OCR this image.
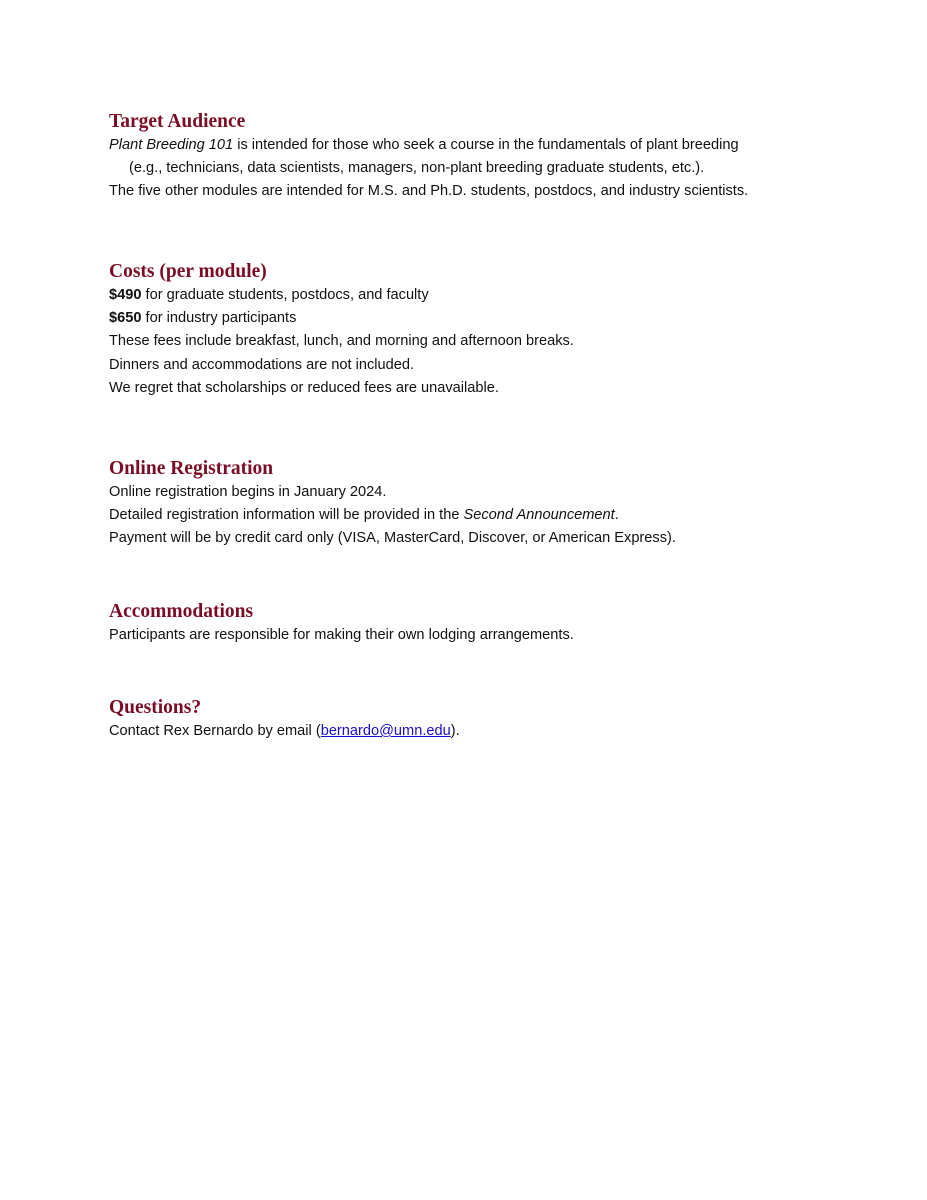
Target Audience

Plant Breeding 101 is intended for those who seek a course in the fundamentals of plant breeding

(e.g., technicians, data scientists, managers, non-plant breeding graduate students, etc.).

The five other modules are intended for M.S. and Ph.D. students, postdocs, and industry scientists.

Costs (per module)

$490 for graduate students, postdocs, and faculty

$650 for industry participants

These fees include breakfast, lunch, and morning and afternoon breaks.

Dinners and accommodations are not included.

We regret that scholarships or reduced fees are unavailable.

Online Registration

Online registration begins in January 2024.

Detailed registration information will be provided in the Second Announcement.

Payment will be by credit card only (VISA, MasterCard, Discover, or American Express).

Accommodations

Participants are responsible for making their own lodging arrangements.

Questions?

Contact Rex Bernardo by email (bernardo@umn.edu).
